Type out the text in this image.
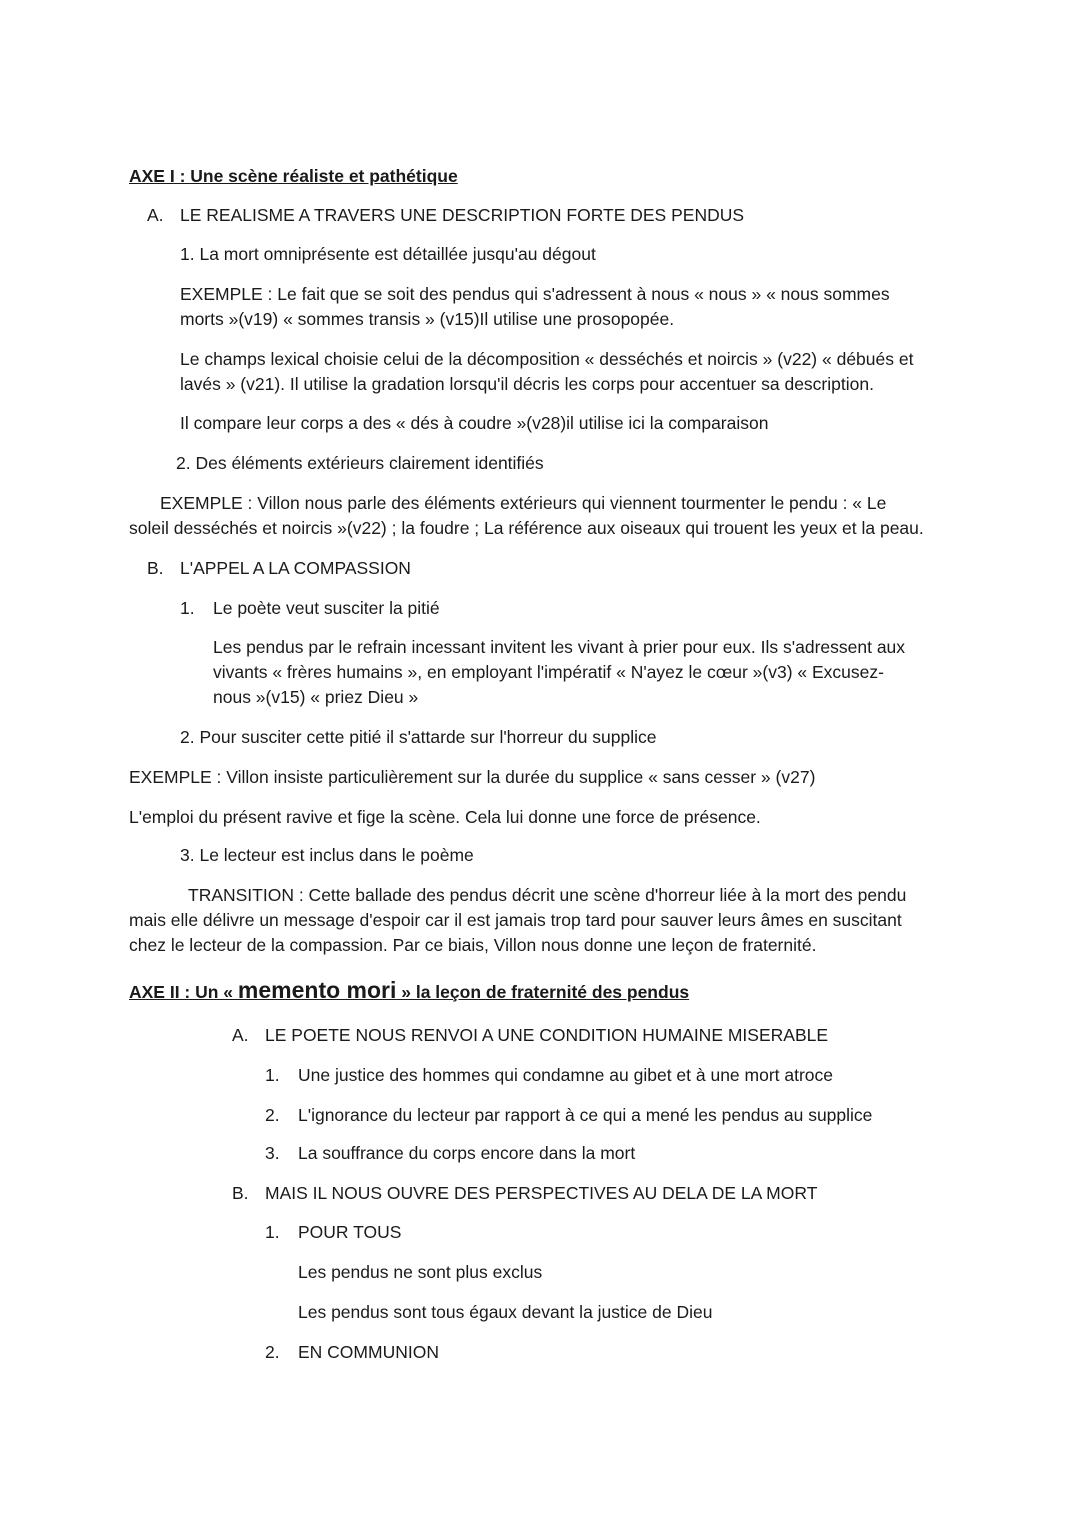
AXE I : Une scène réaliste et pathétique
A. LE REALISME A TRAVERS UNE DESCRIPTION FORTE DES PENDUS
1. La mort omniprésente est détaillée jusqu'au dégout
EXEMPLE : Le fait que se soit des pendus qui s'adressent à nous « nous » « nous sommes
morts »(v19) « sommes transis » (v15)Il utilise une prosopopée.
Le champs lexical choisie celui de la décomposition « desséchés et noircis » (v22) « débués et
lavés » (v21). Il utilise la gradation lorsqu'il décris les corps pour accentuer sa description.
Il compare leur corps a des « dés à coudre »(v28)il utilise ici la comparaison
2. Des éléments extérieurs clairement identifiés
EXEMPLE : Villon nous parle des éléments extérieurs qui viennent tourmenter le pendu : « Le
soleil desséchés et noircis »(v22) ; la foudre ; La référence aux oiseaux qui trouent les yeux et la peau.
B. L'APPEL A LA COMPASSION
1. Le poète veut susciter la pitié
Les pendus par le refrain incessant invitent les vivant à prier pour eux. Ils s'adressent aux
vivants « frères humains », en employant l'impératif « N'ayez le cœur »(v3) « Excusez-
nous »(v15) « priez Dieu »
2. Pour susciter cette pitié il s'attarde sur l'horreur du supplice
EXEMPLE : Villon insiste particulièrement sur la durée du supplice « sans cesser » (v27)
L'emploi du présent ravive et fige la scène. Cela lui donne une force de présence.
3. Le lecteur est inclus dans le poème
TRANSITION : Cette ballade des pendus décrit une scène d'horreur liée à la mort des pendu
mais elle délivre un message d'espoir car il est jamais trop tard pour sauver leurs âmes en suscitant
chez le lecteur de la compassion. Par ce biais, Villon nous donne une leçon de fraternité.
AXE II : Un « memento mori » la leçon de fraternité des pendus
A. LE POETE NOUS RENVOI A UNE CONDITION HUMAINE MISERABLE
1. Une justice des hommes qui condamne au gibet et à une mort atroce
2. L'ignorance du lecteur par rapport à ce qui a mené les pendus au supplice
3. La souffrance du corps encore dans la mort
B. MAIS IL NOUS OUVRE DES PERSPECTIVES AU DELA DE LA MORT
1. POUR TOUS
Les pendus ne sont plus exclus
Les pendus sont tous égaux devant la justice de Dieu
2. EN COMMUNION
